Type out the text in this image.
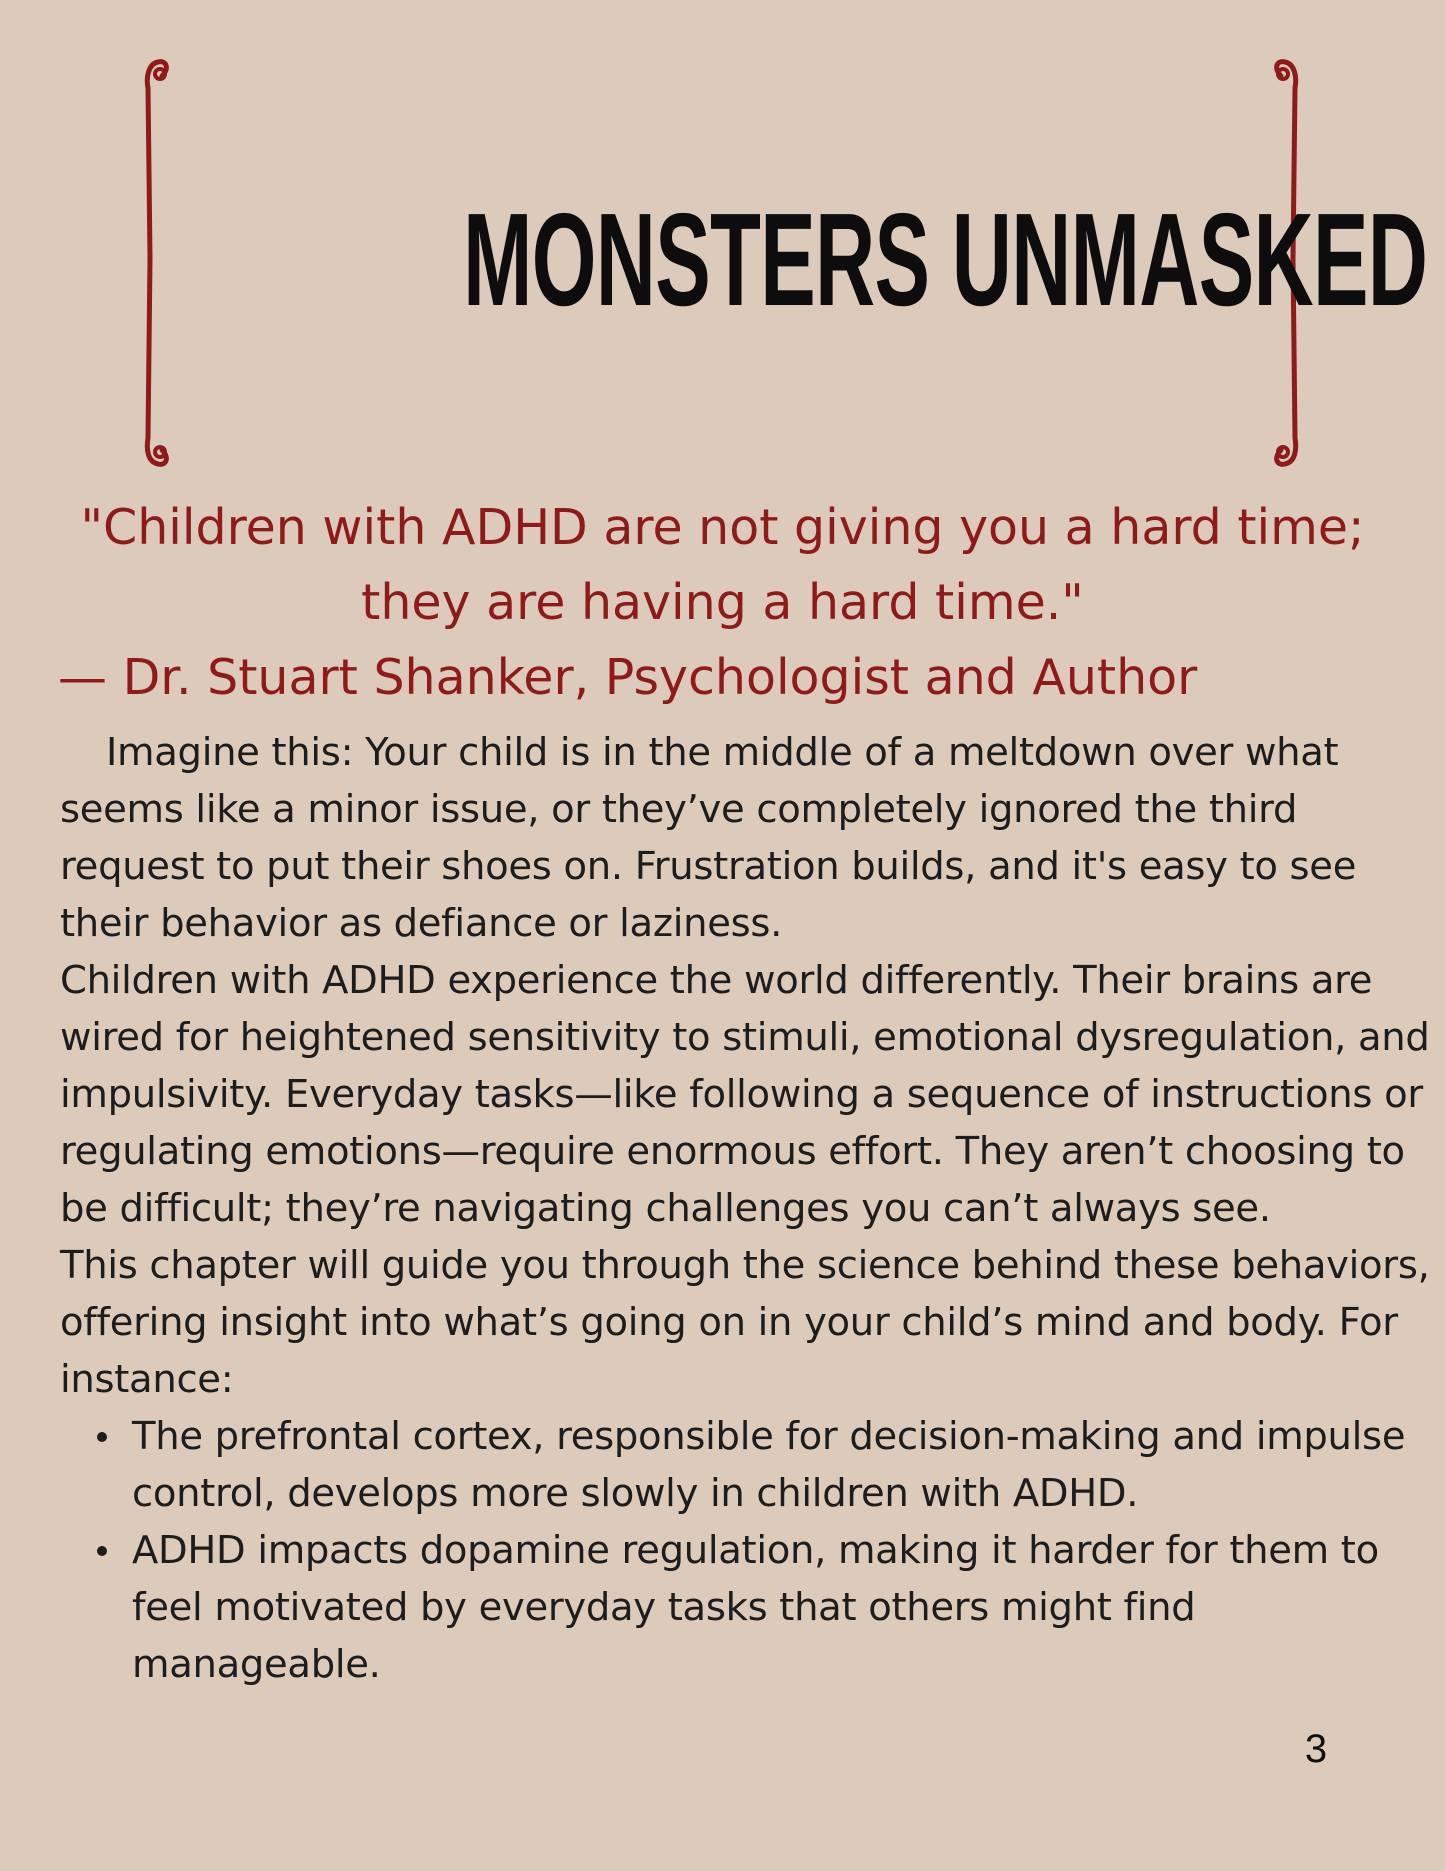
MONSTERS UNMASKED
"Children with ADHD are not giving you a hard time; they are having a hard time."
— Dr. Stuart Shanker, Psychologist and Author

Imagine this: Your child is in the middle of a meltdown over what seems like a minor issue, or they’ve completely ignored the third request to put their shoes on. Frustration builds, and it's easy to see their behavior as defiance or laziness.

Children with ADHD experience the world differently. Their brains are wired for heightened sensitivity to stimuli, emotional dysregulation, and impulsivity. Everyday tasks—like following a sequence of instructions or regulating emotions—require enormous effort. They aren’t choosing to be difficult; they’re navigating challenges you can’t always see.

This chapter will guide you through the science behind these behaviors, offering insight into what’s going on in your child’s mind and body. For instance:

The prefrontal cortex, responsible for decision-making and impulse control, develops more slowly in children with ADHD.
ADHD impacts dopamine regulation, making it harder for them to feel motivated by everyday tasks that others might find manageable.
3
